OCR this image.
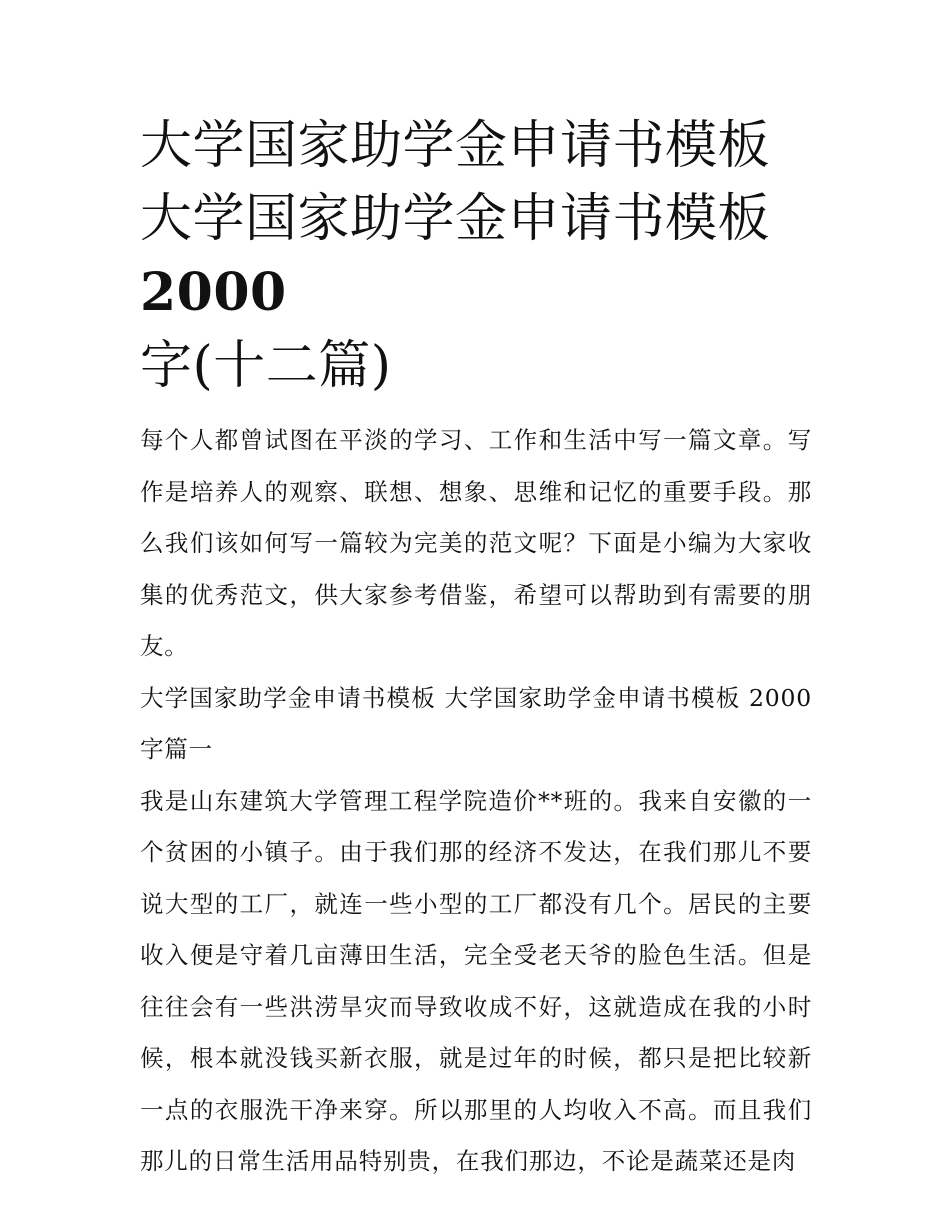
大学国家助学金申请书模板 大学国家助学金申请书模板2000
字(十二篇)

每个人都曾试图在平淡的学习、工作和生活中写一篇文章。写作是培养人的观察、联想、想象、思维和记忆的重要手段。那么我们该如何写一篇较为完美的范文呢？下面是小编为大家收集的优秀范文，供大家参考借鉴，希望可以帮助到有需要的朋友。

大学国家助学金申请书模板 大学国家助学金申请书模板 2000 字篇一

我是山东建筑大学管理工程学院造价**班的。我来自安徽的一个贫困的小镇子。由于我们那的经济不发达，在我们那儿不要说大型的工厂，就连一些小型的工厂都没有几个。居民的主要收入便是守着几亩薄田生活，完全受老天爷的脸色生活。但是往往会有一些洪涝旱灾而导致收成不好，这就造成在我的小时候，根本就没钱买新衣服，就是过年的时候，都只是把比较新一点的衣服洗干净来穿。所以那里的人均收入不高。而且我们那儿的日常生活用品特别贵，在我们那边，不论是蔬菜还是肉
